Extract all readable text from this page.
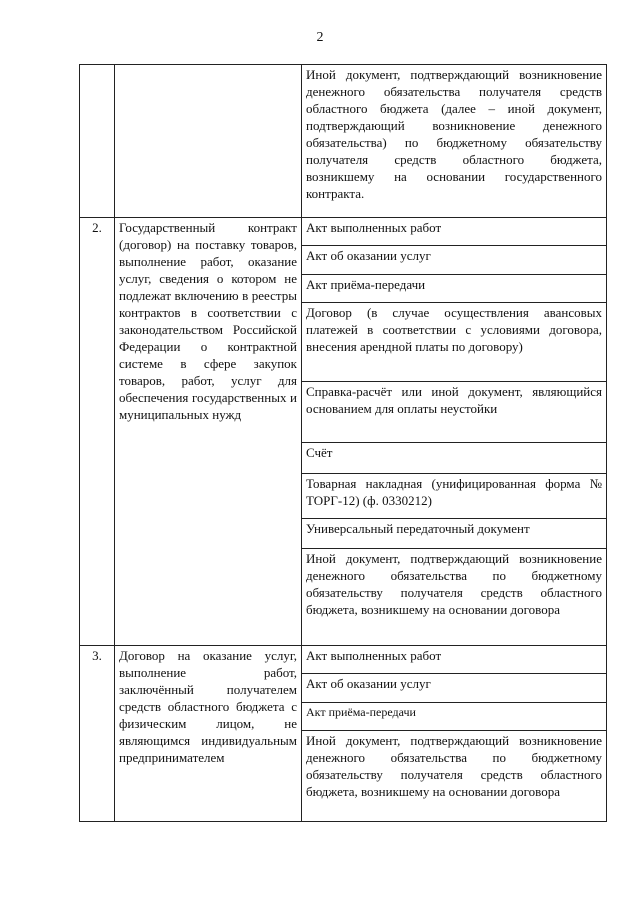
2
		Иной документ, подтверждающий возникновение денежного обязательства получателя средств областного бюджета (далее – иной документ, подтверждающий возникновение денежного обязательства) по бюджетному обязательству получателя средств областного бюджета, возникшему на основании государственного контракта.
2.	Государственный контракт (договор) на поставку товаров, выполнение работ, оказание услуг, сведения о котором не подлежат включению в реестры контрактов в соответствии с законодательством Российской Федерации о контрактной системе в сфере закупок товаров, работ, услуг для обеспечения государственных и муниципальных нужд	Акт выполненных работ
		Акт об оказании услуг
		Акт приёма-передачи
		Договор (в случае осуществления авансовых платежей в соответствии с условиями договора, внесения арендной платы по договору)
		Справка-расчёт или иной документ, являющийся основанием для оплаты неустойки
		Счёт
		Товарная накладная (унифицированная форма № ТОРГ-12) (ф. 0330212)
		Универсальный передаточный документ
		Иной документ, подтверждающий возникновение денежного обязательства по бюджетному обязательству получателя средств областного бюджета, возникшему на основании договора
3.	Договор на оказание услуг, выполнение работ, заключённый получателем средств областного бюджета с физическим лицом, не являющимся индивидуальным предпринимателем	Акт выполненных работ
		Акт об оказании услуг
		Акт приёма-передачи
		Иной документ, подтверждающий возникновение денежного обязательства по бюджетному обязательству получателя средств областного бюджета, возникшему на основании договора
